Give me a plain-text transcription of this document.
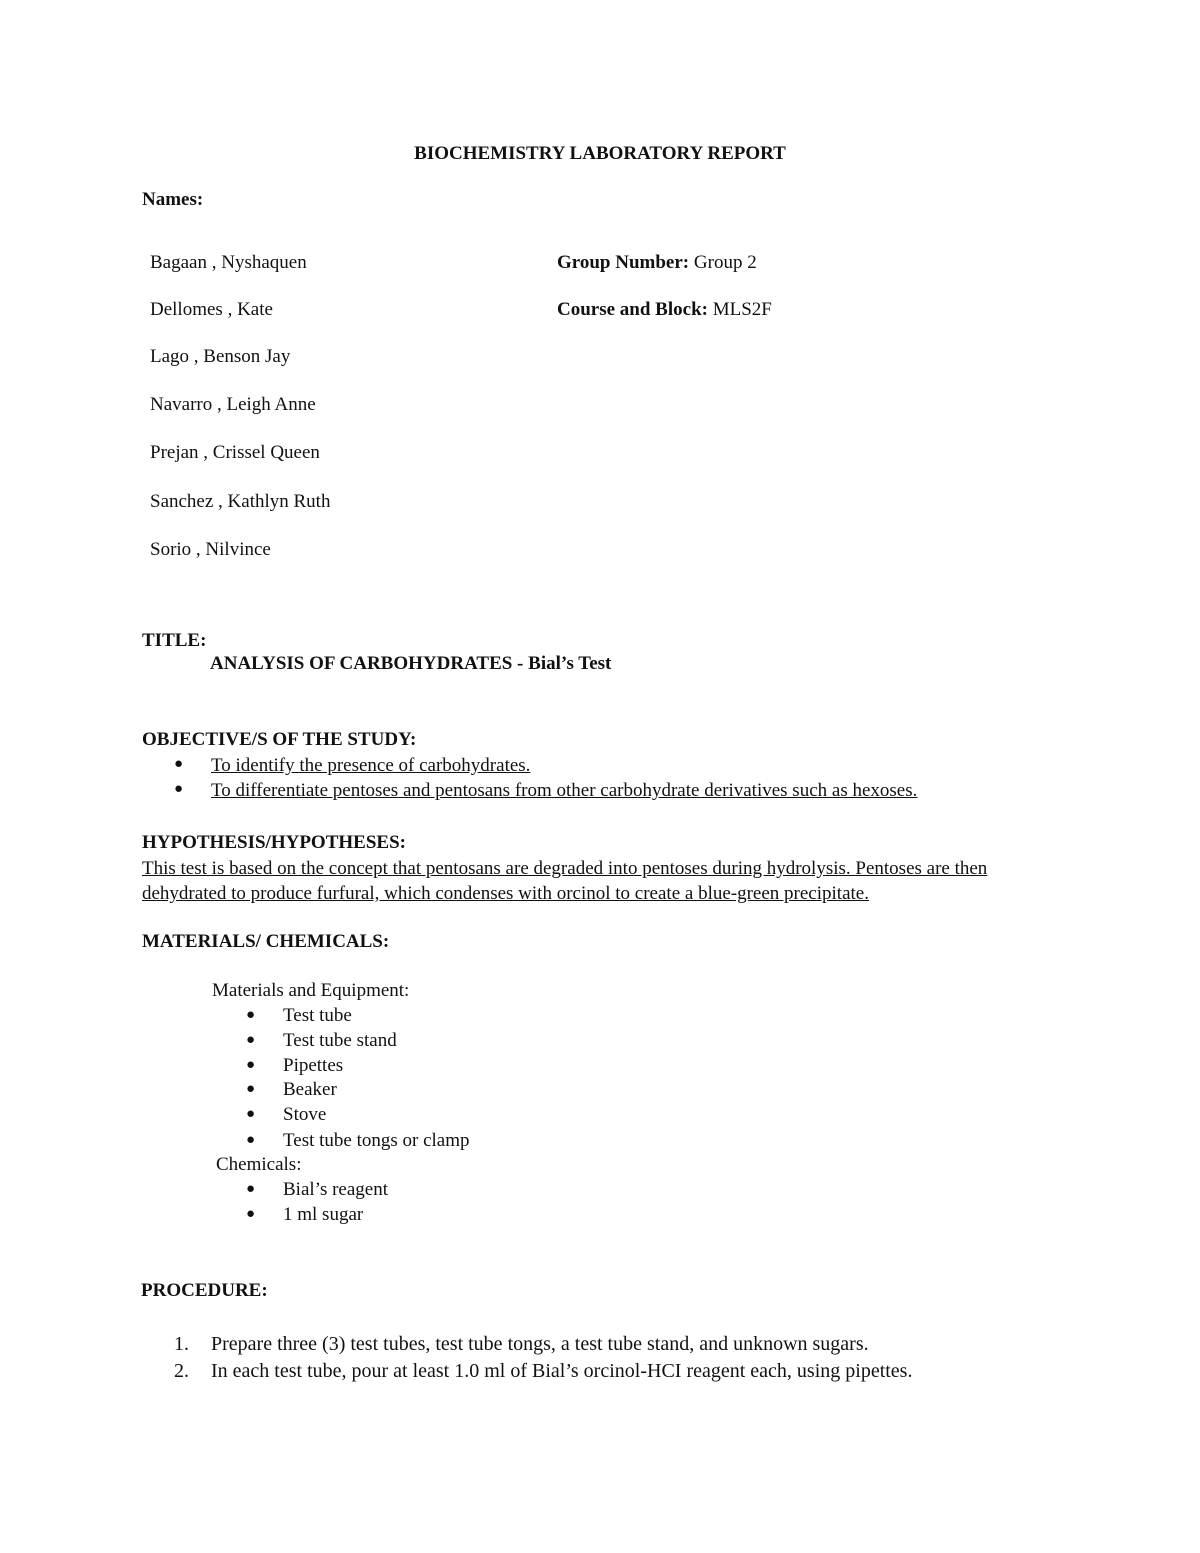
BIOCHEMISTRY LABORATORY REPORT
Names:
Bagaan , Nyshaquen
Dellomes , Kate
Lago , Benson Jay
Navarro , Leigh Anne
Prejan , Crissel Queen
Sanchez , Kathlyn Ruth
Sorio , Nilvince
Group Number: Group 2
Course and Block: MLS2F
TITLE:
ANALYSIS OF CARBOHYDRATES - Bial’s Test
OBJECTIVE/S OF THE STUDY:
● To identify the presence of carbohydrates.
● To differentiate pentoses and pentosans from other carbohydrate derivatives such as hexoses.
HYPOTHESIS/HYPOTHESES:
This test is based on the concept that pentosans are degraded into pentoses during hydrolysis. Pentoses are then dehydrated to produce furfural, which condenses with orcinol to create a blue-green precipitate.
MATERIALS/ CHEMICALS:
Materials and Equipment:
● Test tube
● Test tube stand
● Pipettes
● Beaker
● Stove
● Test tube tongs or clamp
Chemicals:
● Bial’s reagent
● 1 ml sugar
PROCEDURE:
1. Prepare three (3) test tubes, test tube tongs, a test tube stand, and unknown sugars.
2. In each test tube, pour at least 1.0 ml of Bial’s orcinol-HCI reagent each, using pipettes.
